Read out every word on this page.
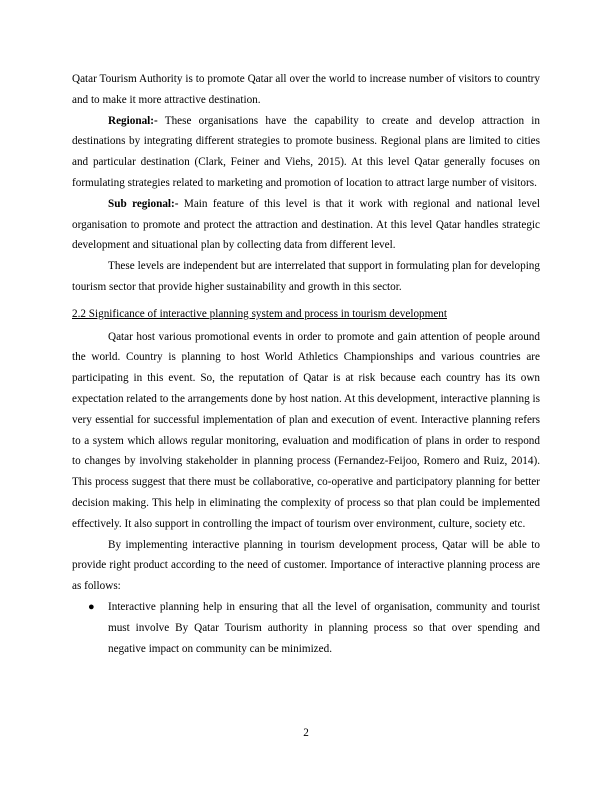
Qatar Tourism Authority is to promote Qatar all over the world to increase number of visitors to country and to make it more attractive destination.

Regional:- These organisations have the capability to create and develop attraction in destinations by integrating different strategies to promote business. Regional plans are limited to cities and particular destination (Clark, Feiner and Viehs, 2015). At this level Qatar generally focuses on formulating strategies related to marketing and promotion of location to attract large number of visitors.

Sub regional:- Main feature of this level is that it work with regional and national level organisation to promote and protect the attraction and destination. At this level Qatar handles strategic development and situational plan by collecting data from different level.

These levels are independent but are interrelated that support in formulating plan for developing tourism sector that provide higher sustainability and growth in this sector.

2.2 Significance of interactive planning system and process in tourism development

Qatar host various promotional events in order to promote and gain attention of people around the world. Country is planning to host World Athletics Championships and various countries are participating in this event. So, the reputation of Qatar is at risk because each country has its own expectation related to the arrangements done by host nation. At this development, interactive planning is very essential for successful implementation of plan and execution of event. Interactive planning refers to a system which allows regular monitoring, evaluation and modification of plans in order to respond to changes by involving stakeholder in planning process (Fernandez-Feijoo, Romero and Ruiz, 2014). This process suggest that there must be collaborative, co-operative and participatory planning for better decision making. This help in eliminating the complexity of process so that plan could be implemented effectively. It also support in controlling the impact of tourism over environment, culture, society etc.

By implementing interactive planning in tourism development process, Qatar will be able to provide right product according to the need of customer. Importance of interactive planning process are as follows:

● Interactive planning help in ensuring that all the level of organisation, community and tourist must involve By Qatar Tourism authority in planning process so that over spending and negative impact on community can be minimized.

2
